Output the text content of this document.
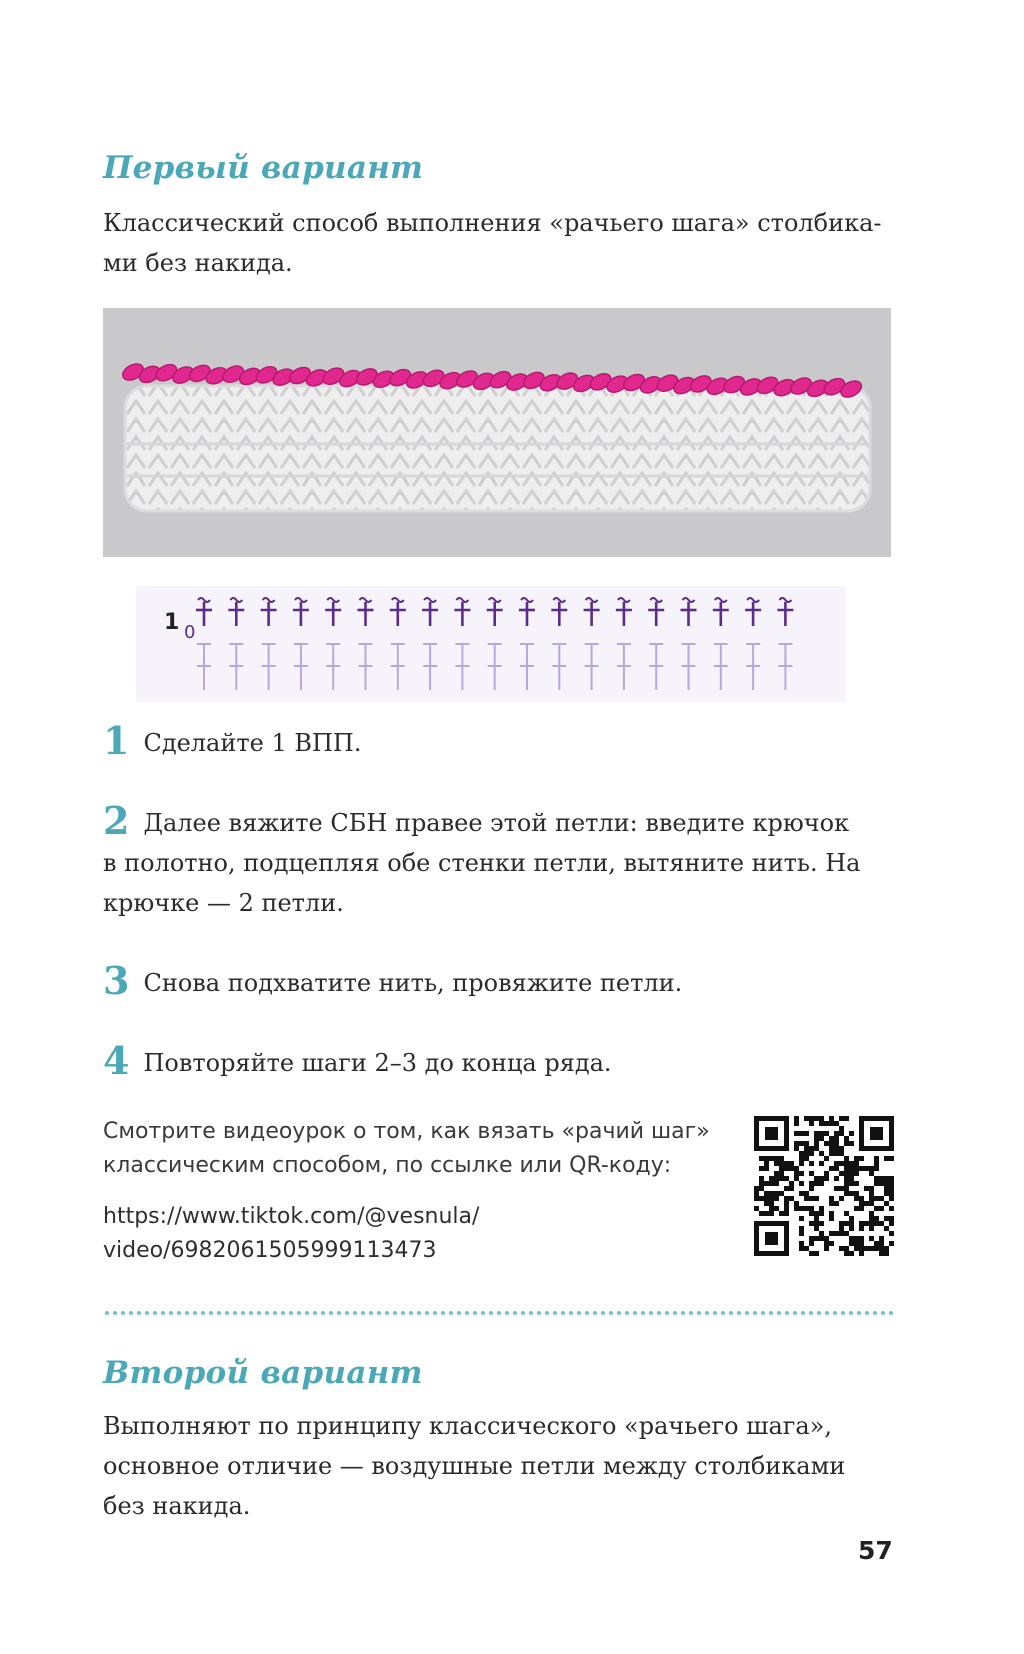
Первый вариант
Классический способ выполнения «рачьего шага» столбика-
ми без накида.
1 0
1 Сделайте 1 ВПП.
2 Далее вяжите СБН правее этой петли: введите крючок
в полотно, подцепляя обе стенки петли, вытяните нить. На
крючке — 2 петли.
3 Снова подхватите нить, провяжите петли.
4 Повторяйте шаги 2–3 до конца ряда.
Смотрите видеоурок о том, как вязать «рачий шаг»
классическим способом, по ссылке или QR-коду:
https://www.tiktok.com/@vesnula/
video/6982061505999113473
Второй вариант
Выполняют по принципу классического «рачьего шага»,
основное отличие — воздушные петли между столбиками
без накида.

57
